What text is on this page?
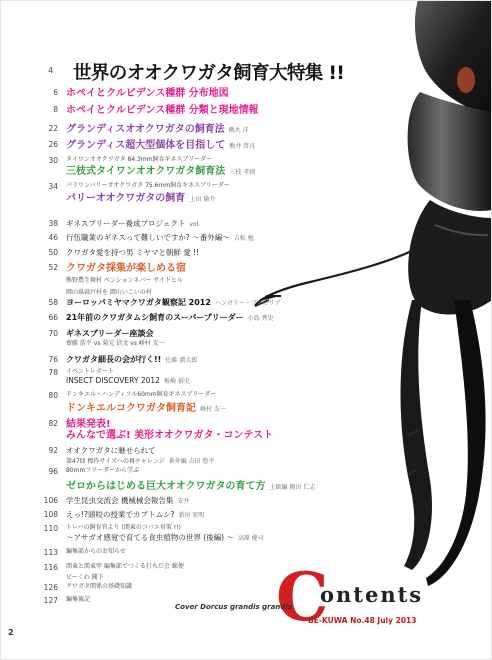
4 世界のオオクワガタ飼育大特集 !!
6 ホペイとクルビデンス種群 分布地図
8 ホペイとクルビデンス種群 分類と現地情報
22 グランディスオオクワガタの飼育法 鶴丸 洋
26 グランディス超大型個体を目指して 熊井 啓良
30 タイワンオオクワガタ 84.3mm飼育ギネスブリーダー
三枝式タイワンオオクワガタ飼育法 三枝 孝則
34 パラワンパリーオオクワガタ 75.6mm飼育ギネスブリーダー
パリーオオクワガタの飼育 上田 倫介
38 ギネスブリーダー養成プロジェクト vol.
46 行伍職業のギネスって難しいですか? 〜番外編〜 吉松 勉
50 クワガタ愛を持つ男 ミヤマと朝鮮 愛 !!
52 クワガタ採集が楽しめる宿
熊野農生舞村 ペンションネバー サイドヒル
岡山県蒜戸村を 岡山いこいの村
58 ヨーロッパミヤマクワガタ観察記 2012 ハンガリー・ブルガリア
66 21年前のクワガタムシ飼育のスーパーブリーダー 小島 秀史
70 ギネスブリーダー座談会
齋藤 浩平 vs 菊元 信文 vs 峰村 友一
76 クワガタ細長の会が行く!! 佐藤 潤太郎
78 イベントレポート
INSECT DISCOVERY 2012 板崎 裕史
80 ドンキエル・ハンディフル60mm飼育ギネスブリーダー
ドンキエルコクワガタ飼育記 峰村 友一
82 結果発表!
みんなで選ぶ! 美形オオクワガタ・コンテスト
92 オオクワガタに魅せられて
第47回 標作サイズへの再チャレンジ 番外編 吉田 悠平
96 80mmフリーダーから学ぶ
ゼロからはじめる巨大オオクワガタの育て方 上級編 岡田 仁志
106 学生昆虫交流会 機械械会報告集 安井
108 えっ!?頭咬の授業でカブトムシ? 新垣 宏明
110 トレハの飼育官より (関東のコバエ対策 !!)
〜アサガオ感覚で育てる食虫植物の世界 (後編) 〜 高原 健司
113 編集部からのお知らせ
116 関東と関東甲 編集部でつくる打ちだ会 郵便
ビーくわ 聞下
126 クワガタ関係の基礎知識
127 編集後記	C
ontents
BE-KUWA No.48 July 2013
Cover Dorcus grandis grandis
2
